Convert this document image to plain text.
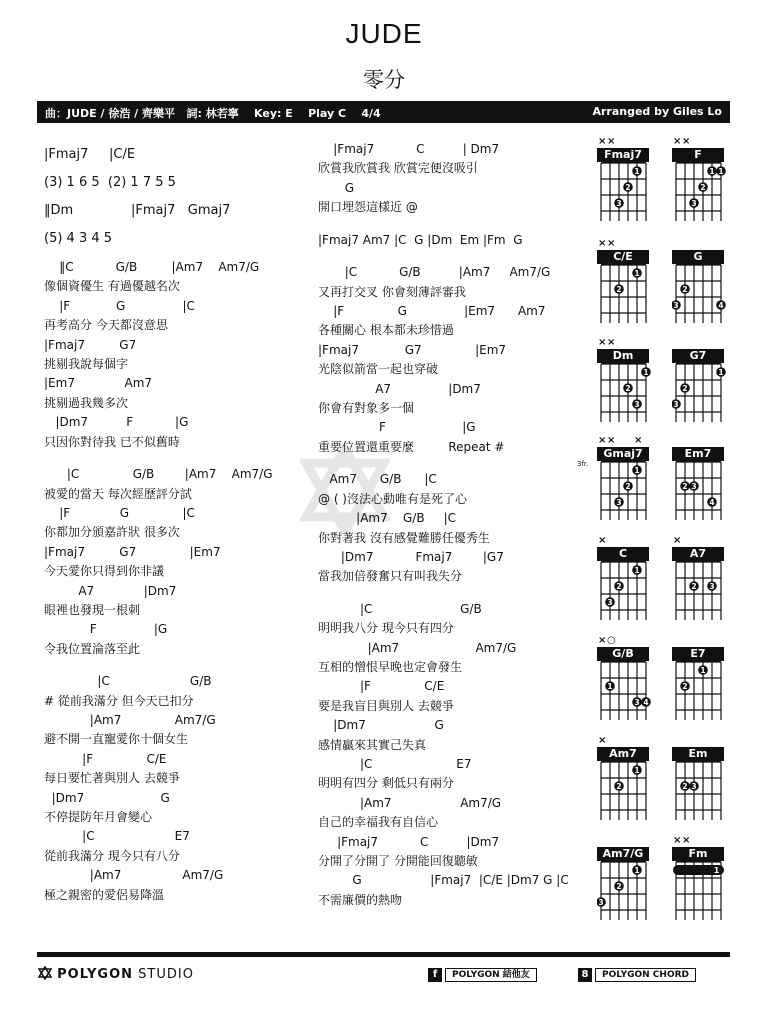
JUDE
零分
曲：JUDE / 徐浩 / 齊樂平   詞: 林若寧    Key: E    Play C    4/4	Arranged by Giles Lo
|Fmaj7     |C/E
(3) 1 6 5  (2) 1 7 5 5
‖Dm              |Fmaj7   Gmaj7
(5) 4 3 4 5
‖C           G/B         |Am7    Am7/G
像個資優生 有過優越名次
|F            G               |C
再考高分 今天都沒意思
|Fmaj7         G7
挑剔我說每個字
|Em7             Am7
挑剔過我幾多次
|Dm7          F           |G
只因你對待我 已不似舊時
|C              G/B        |Am7    Am7/G
被愛的當天 每次經歷評分試
|F             G              |C
你都加分頒嘉許狀 很多次
|Fmaj7         G7              |Em7
今天愛你只得到你非議
A7             |Dm7
眼裡也發現一根刺
F               |G
令我位置淪落至此
|C                     G/B
# 從前我滿分 但今天已扣分
|Am7              Am7/G
避不開一直寵愛你十個女生
|F              C/E
每日要忙著與別人 去競爭
|Dm7                    G
不停提防年月會變心
|C                     E7
從前我滿分 現今只有八分
|Am7                Am7/G
極之親密的愛侶易降溫
|Fmaj7           C          | Dm7
欣賞我欣賞我 欣賞完便沒吸引
G
開口埋怨這樣近 @
|Fmaj7 Am7 |C  G |Dm  Em |Fm  G
|C           G/B          |Am7     Am7/G
又再打交叉 你會刻薄評審我
|F              G               |Em7      Am7
各種關心 根本都未珍惜過
|Fmaj7            G7              |Em7
光陰似箭當一起也穿破
A7               |Dm7
你會有對象多一個
F                    |G
重要位置還重要麼         Repeat #
Am7      G/B      |C
@ ( )沒法心動唯有是死了心
|Am7    G/B     |C
你對著我 沒有感覺難勝任優秀生
|Dm7           Fmaj7        |G7
當我加倍發奮只有叫我失分
|C                       G/B
明明我八分 現今只有四分
|Am7                    Am7/G
互相的憎恨早晚也定會發生
|F              C/E
要是我盲目與別人 去競爭
|Dm7                  G
感情贏來其實己失真
|C                      E7
明明有四分 剩低只有兩分
|Am7                  Am7/G
自己的幸福我有自信心
|Fmaj7           C          |Dm7
分開了分開了 分開能回復聽敏
G                  |Fmaj7  |C/E |Dm7 G |C
不需廉價的熱吻
1
2
3
× ×
Fmaj7
1 1
2
3
× ×
F
1
2
× ×
C/E
2
3	4
G
1
2
3
× ×
Dm
1
2
3
G7
1
2
3
× × ×
Gmaj7
3fr.
2 3
4
Em7
1
2
3
×
C
2 3
×
A7
1
3 4
× ○
G/B
1
2
E7
1
2
×
Am7
2 3
Em
1
2
3
Am7/G
1
× ×
Fm
POLYGON STUDIO	f POLYGON 結他友	8 POLYGON CHORD
